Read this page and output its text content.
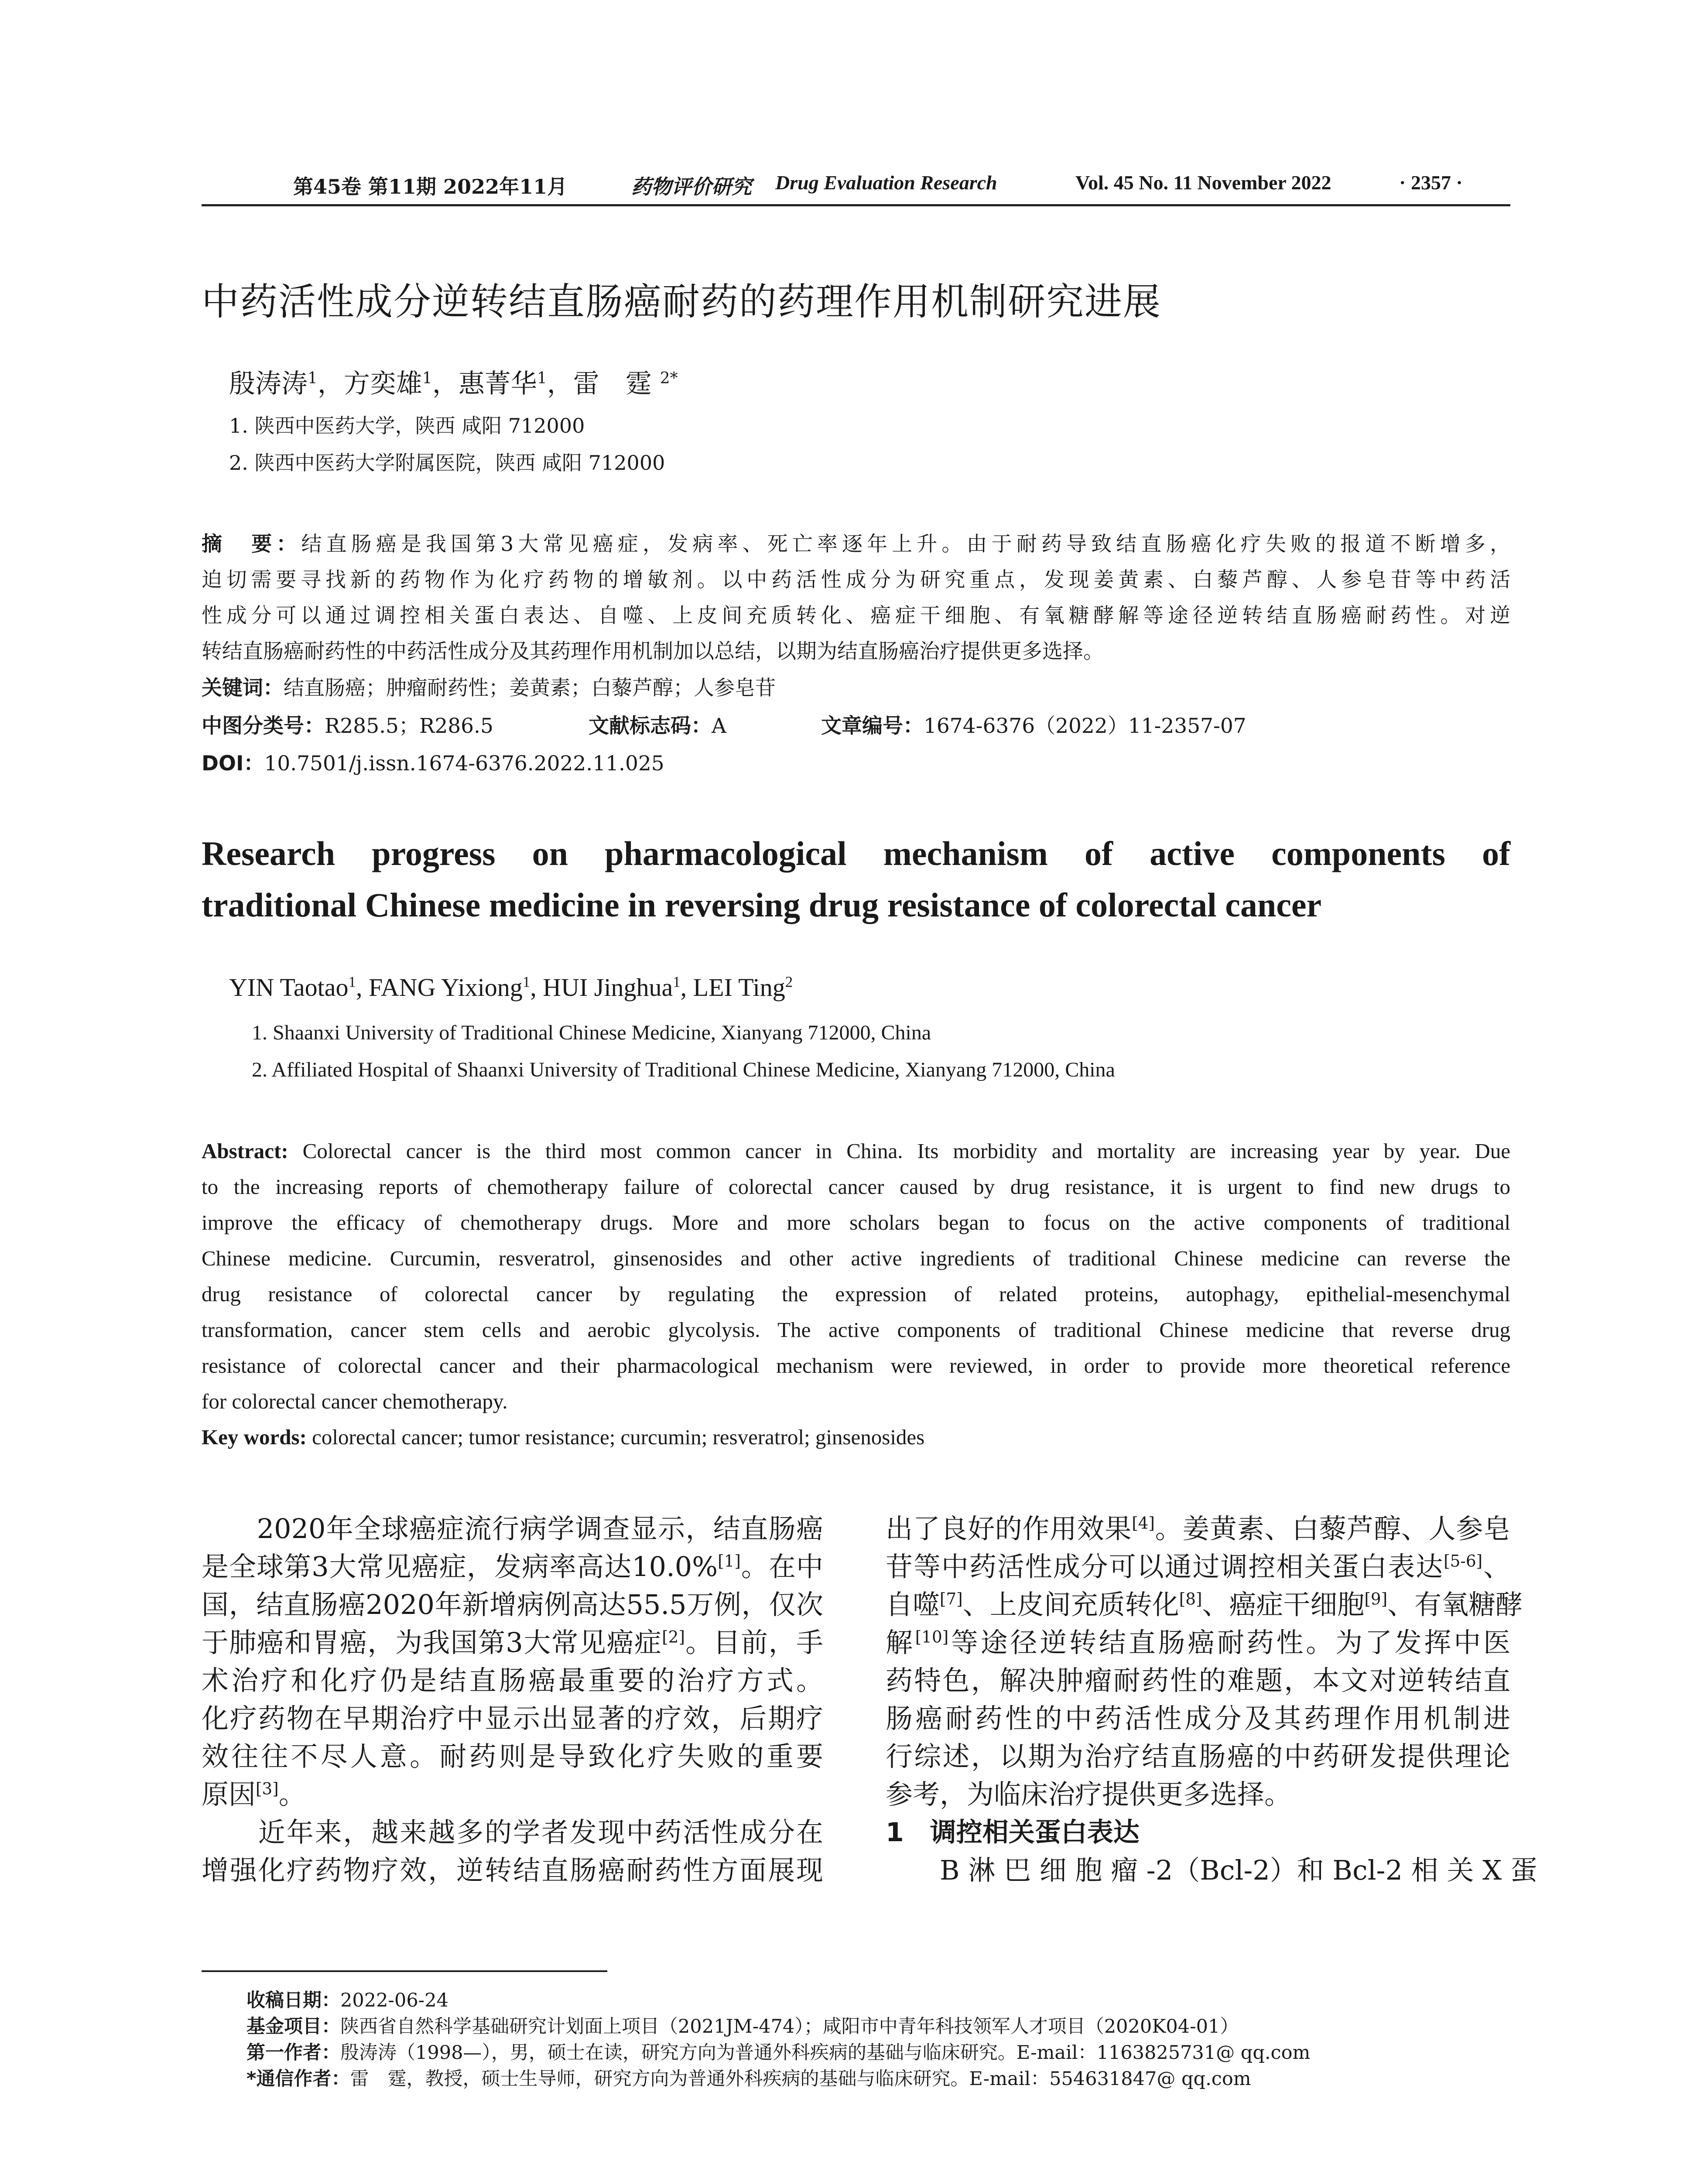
第45卷 第11期 2022年11月	药物评价研究 Drug Evaluation Research	Vol. 45 No. 11 November 2022	· 2357 ·
中药活性成分逆转结直肠癌耐药的药理作用机制研究进展
殷涛涛$^1$，方奕雄$^1$，惠菁华$^1$，雷　霆 $^{2*}$
1. 陕西中医药大学，陕西 咸阳 712000
2. 陕西中医药大学附属医院，陕西 咸阳 712000
摘　要：结直肠癌是我国第3大常见癌症，发病率、死亡率逐年上升。由于耐药导致结直肠癌化疗失败的报道不断增多，
迫切需要寻找新的药物作为化疗药物的增敏剂。以中药活性成分为研究重点，发现姜黄素、白藜芦醇、人参皂苷等中药活
性成分可以通过调控相关蛋白表达、自噬、上皮间充质转化、癌症干细胞、有氧糖酵解等途径逆转结直肠癌耐药性。对逆
转结直肠癌耐药性的中药活性成分及其药理作用机制加以总结，以期为结直肠癌治疗提供更多选择。
关键词：结直肠癌；肿瘤耐药性；姜黄素；白藜芦醇；人参皂苷
中图分类号：R285.5；R286.5	文献标志码：A	文章编号：1674-6376（2022）11-2357-07
DOI：10.7501/j.issn.1674-6376.2022.11.025
Research progress on pharmacological mechanism of active components of
traditional Chinese medicine in reversing drug resistance of colorectal cancer
YIN Taotao$^1$, FANG Yixiong$^1$, HUI Jinghua$^1$, LEI Ting$^2$
1. Shaanxi University of Traditional Chinese Medicine, Xianyang 712000, China
2. Affiliated Hospital of Shaanxi University of Traditional Chinese Medicine, Xianyang 712000, China
Abstract: Colorectal cancer is the third most common cancer in China. Its morbidity and mortality are increasing year by year. Due
to the increasing reports of chemotherapy failure of colorectal cancer caused by drug resistance, it is urgent to find new drugs to
improve the efficacy of chemotherapy drugs. More and more scholars began to focus on the active components of traditional
Chinese medicine. Curcumin, resveratrol, ginsenosides and other active ingredients of traditional Chinese medicine can reverse the
drug resistance of colorectal cancer by regulating the expression of related proteins, autophagy, epithelial-mesenchymal
transformation, cancer stem cells and aerobic glycolysis. The active components of traditional Chinese medicine that reverse drug
resistance of colorectal cancer and their pharmacological mechanism were reviewed, in order to provide more theoretical reference
for colorectal cancer chemotherapy.
Key words: colorectal cancer; tumor resistance; curcumin; resveratrol; ginsenosides
　　2020年全球癌症流行病学调查显示，结直肠癌
是全球第3大常见癌症，发病率高达10.0%[1]。在中
国，结直肠癌2020年新增病例高达55.5万例，仅次
于肺癌和胃癌，为我国第3大常见癌症[2]。目前，手
术治疗和化疗仍是结直肠癌最重要的治疗方式。
化疗药物在早期治疗中显示出显著的疗效，后期疗
效往往不尽人意。耐药则是导致化疗失败的重要
原因[3]。
　　近年来，越来越多的学者发现中药活性成分在
增强化疗药物疗效，逆转结直肠癌耐药性方面展现
出了良好的作用效果[4]。姜黄素、白藜芦醇、人参皂
苷等中药活性成分可以通过调控相关蛋白表达[5-6]、
自噬[7]、上皮间充质转化[8]、癌症干细胞[9]、有氧糖酵
解[10]等途径逆转结直肠癌耐药性。为了发挥中医
药特色，解决肿瘤耐药性的难题，本文对逆转结直
肠癌耐药性的中药活性成分及其药理作用机制进
行综述，以期为治疗结直肠癌的中药研发提供理论
参考，为临床治疗提供更多选择。
1 调控相关蛋白表达
　　B 淋 巴 细 胞 瘤 -2（Bcl-2）和 Bcl-2 相 关 X 蛋
收稿日期：2022-06-24
基金项目：陕西省自然科学基础研究计划面上项目（2021JM-474）；咸阳市中青年科技领军人才项目（2020K04-01）
第一作者：殷涛涛（1998—），男，硕士在读，研究方向为普通外科疾病的基础与临床研究。E-mail：1163825731@ qq.com
*通信作者：雷　霆，教授，硕士生导师，研究方向为普通外科疾病的基础与临床研究。E-mail：554631847@ qq.com
